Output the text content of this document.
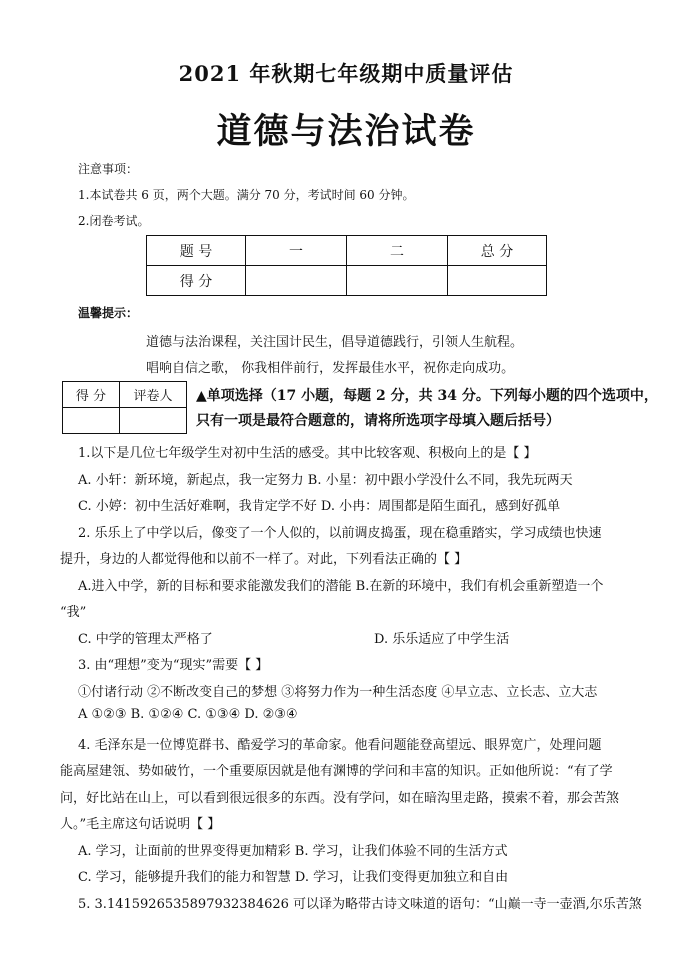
2021 年秋期七年级期中质量评估
道德与法治试卷
注意事项：
1.本试卷共 6 页，两个大题。满分 70 分，考试时间 60 分钟。
2.闭卷考试。
题 号	一	二	总 分
得 分			
温馨提示：
道德与法治课程，关注国计民生，倡导道德践行，引领人生航程。
唱响自信之歌， 你我相伴前行，发挥最佳水平，祝你走向成功。
得 分	评卷人
	▲单项选择（17 小题，每题 2 分，共 34 分。下列每小题的四个选项中，
只有一项是最符合题意的，请将所选项字母填入题后括号）
1.以下是几位七年级学生对初中生活的感受。其中比较客观、积极向上的是【 】
A. 小轩：新环境，新起点，我一定努力 B. 小星：初中跟小学没什么不同，我先玩两天
C. 小婷：初中生活好难啊，我肯定学不好 D. 小冉：周围都是陌生面孔，感到好孤单
2. 乐乐上了中学以后，像变了一个人似的，以前调皮捣蛋，现在稳重踏实，学习成绩也快速
提升，身边的人都觉得他和以前不一样了。对此，下列看法正确的【 】
A.进入中学，新的目标和要求能激发我们的潜能 B.在新的环境中，我们有机会重新塑造一个
“我”
C. 中学的管理太严格了	D. 乐乐适应了中学生活
3. 由“理想”变为“现实”需要【 】
①付诸行动 ②不断改变自己的梦想 ③将努力作为一种生活态度 ④早立志、立长志、立大志
A ①②③ B. ①②④ C. ①③④ D. ②③④
4. 毛泽东是一位博览群书、酷爱学习的革命家。他看问题能登高望远、眼界宽广，处理问题
能高屋建瓴、势如破竹，一个重要原因就是他有渊博的学问和丰富的知识。正如他所说：“有了学
问，好比站在山上，可以看到很远很多的东西。没有学问，如在暗沟里走路，摸索不着，那会苦煞
人。”毛主席这句话说明【 】
A. 学习，让面前的世界变得更加精彩 B. 学习，让我们体验不同的生活方式
C. 学习，能够提升我们的能力和智慧 D. 学习，让我们变得更加独立和自由
5. 3.14159265358979323846​26 可以译为略带古诗文味道的语句：“山巅一寺一壶酒,尔乐苦煞
